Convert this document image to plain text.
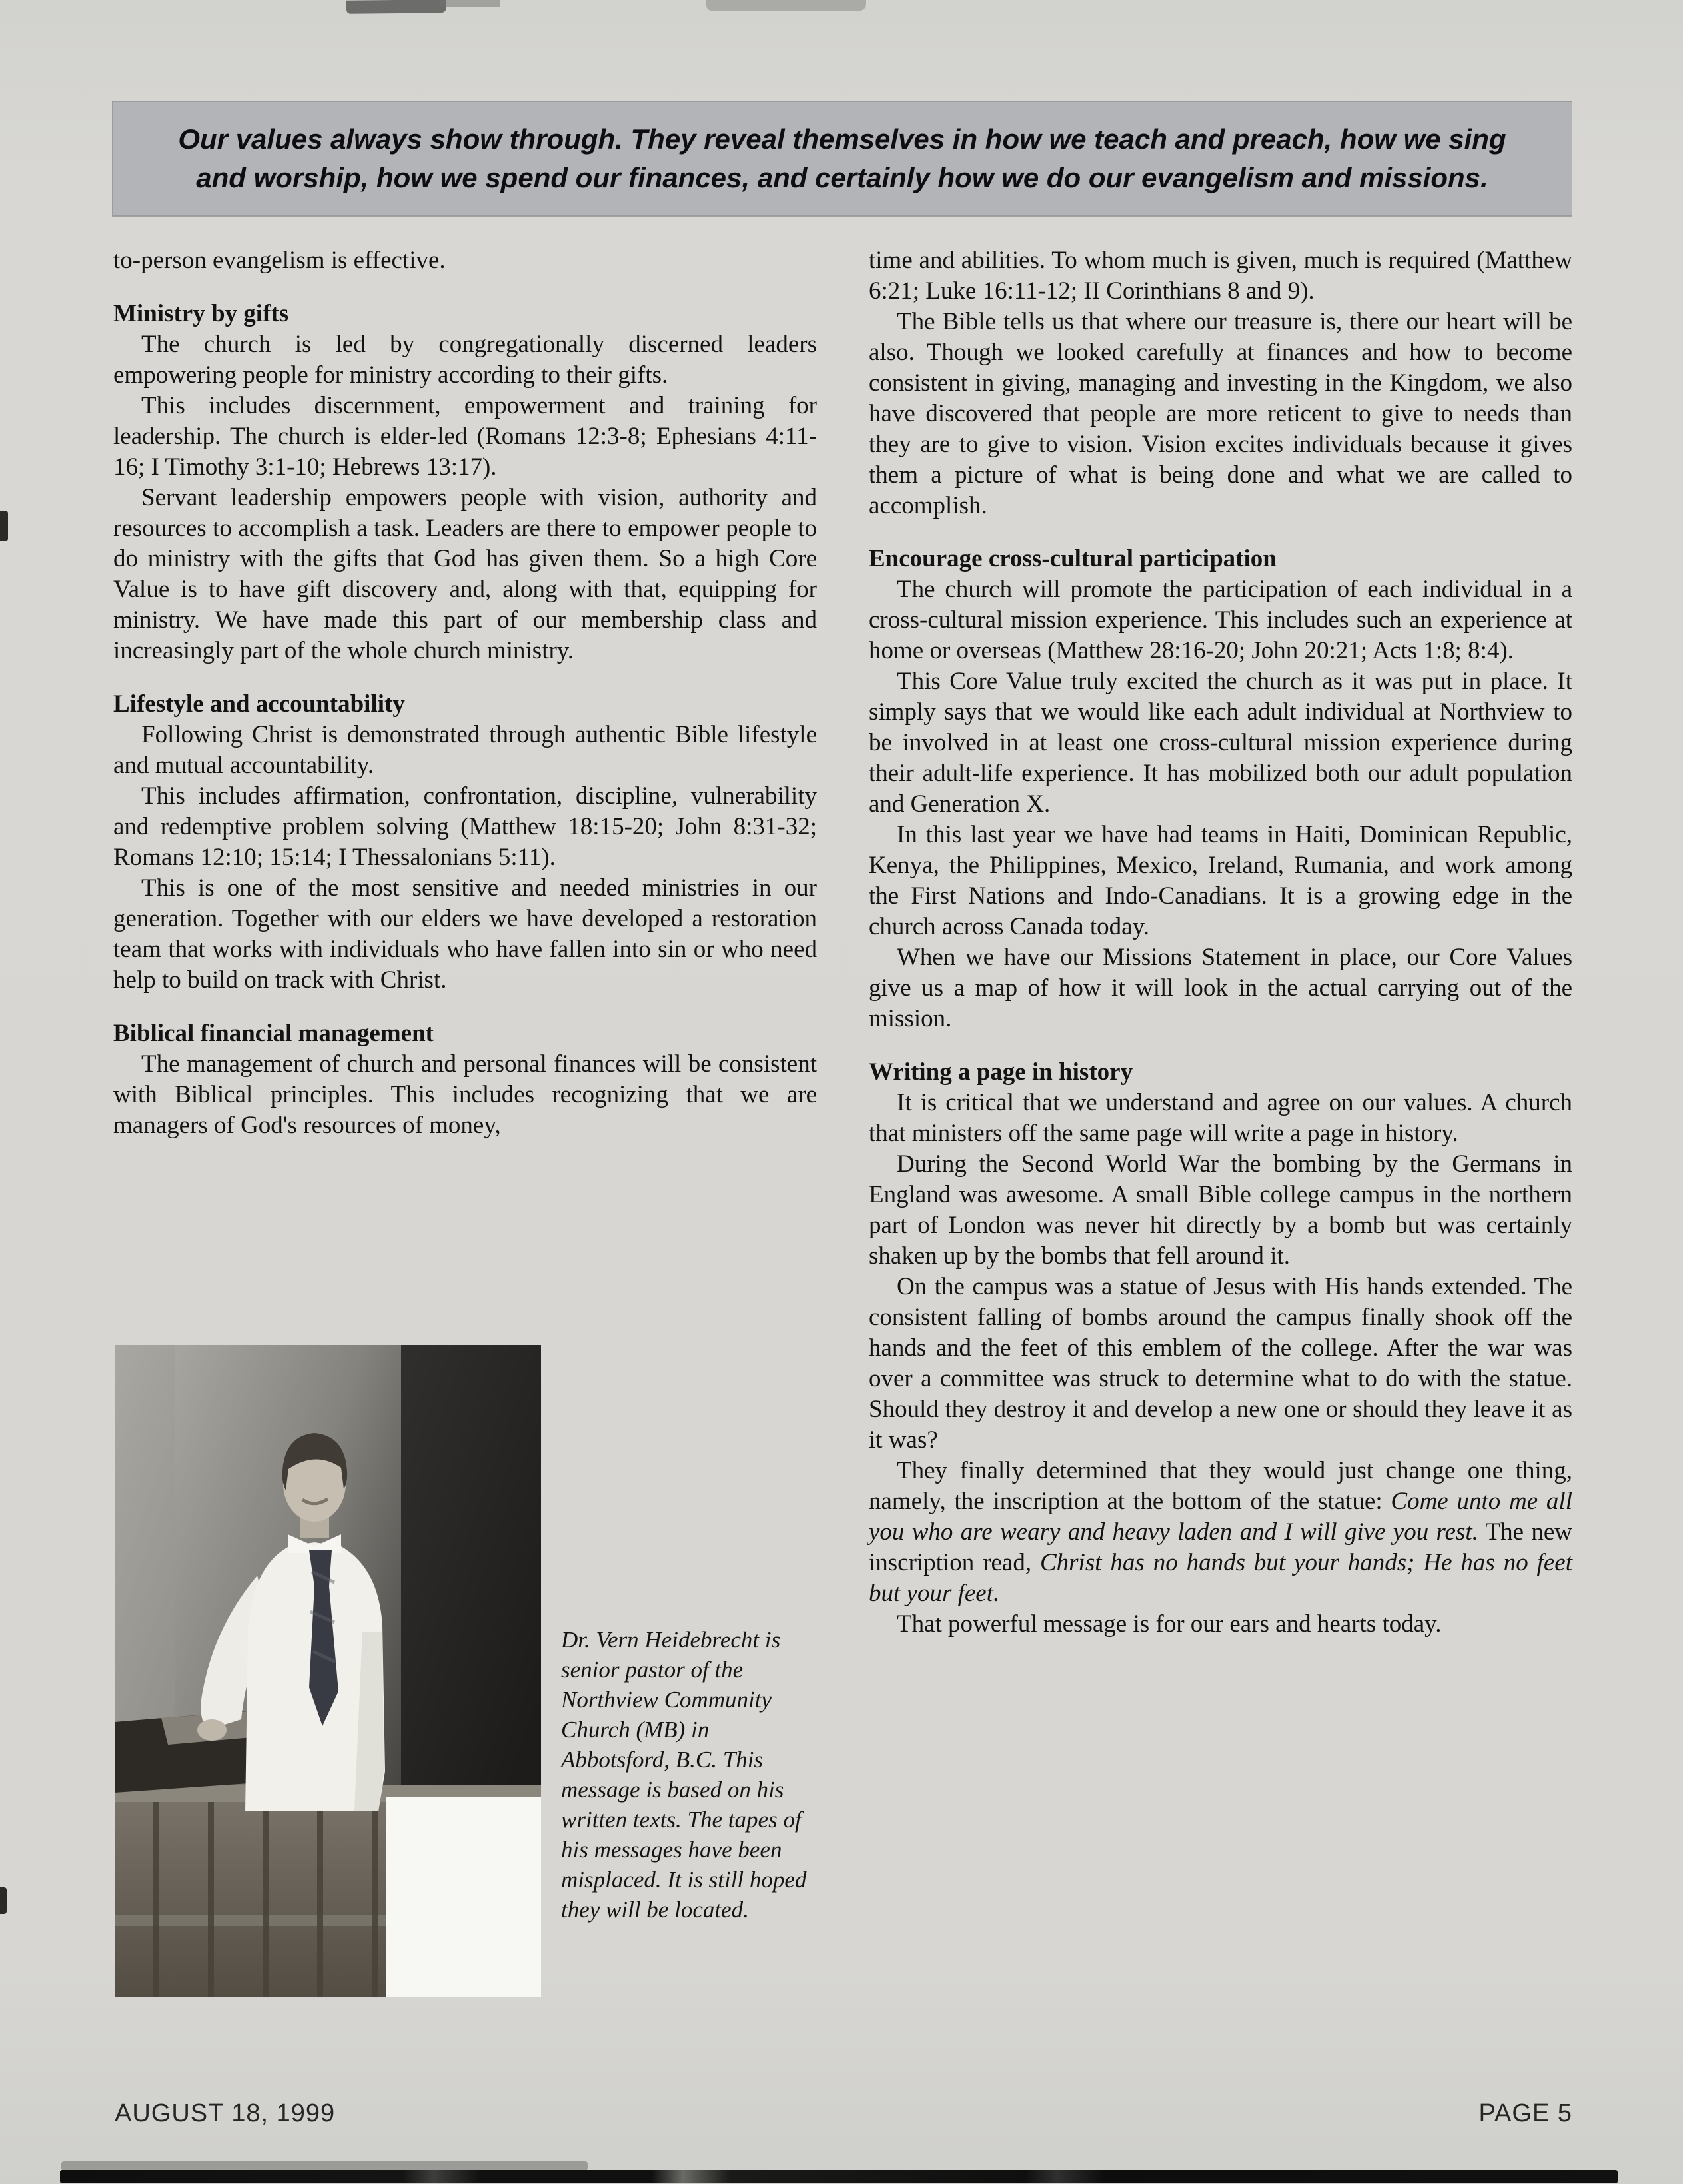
Our values always show through. They reveal themselves in how we teach and preach, how we sing
and worship, how we spend our finances, and certainly how we do our evangelism and missions.

to-person evangelism is effective.

Ministry by gifts

The church is led by congregationally discerned leaders empowering people for ministry according to their gifts.

This includes discernment, empowerment and training for leadership. The church is elder-led (Romans 12:3-8; Ephesians 4:11-16; I Timothy 3:1-10; Hebrews 13:17).

Servant leadership empowers people with vision, authority and resources to accomplish a task. Leaders are there to empower people to do ministry with the gifts that God has given them. So a high Core Value is to have gift discovery and, along with that, equipping for ministry. We have made this part of our membership class and increasingly part of the whole church ministry.

Lifestyle and accountability

Following Christ is demonstrated through authentic Bible lifestyle and mutual accountability.

This includes affirmation, confrontation, discipline, vulnerability and redemptive problem solving (Matthew 18:15-20; John 8:31-32; Romans 12:10; 15:14; I Thessalonians 5:11).

This is one of the most sensitive and needed ministries in our generation. Together with our elders we have developed a restoration team that works with individuals who have fallen into sin or who need help to build on track with Christ.

Biblical financial management

The management of church and personal finances will be consistent with Biblical principles. This includes recognizing that we are managers of God's resources of money,

time and abilities. To whom much is given, much is required (Matthew 6:21; Luke 16:11-12; II Corinthians 8 and 9).

The Bible tells us that where our treasure is, there our heart will be also. Though we looked carefully at finances and how to become consistent in giving, managing and investing in the Kingdom, we also have discovered that people are more reticent to give to needs than they are to give to vision. Vision excites individuals because it gives them a picture of what is being done and what we are called to accomplish.

Encourage cross-cultural participation

The church will promote the participation of each individual in a cross-cultural mission experience. This includes such an experience at home or overseas (Matthew 28:16-20; John 20:21; Acts 1:8; 8:4).

This Core Value truly excited the church as it was put in place. It simply says that we would like each adult individual at Northview to be involved in at least one cross-cultural mission experience during their adult-life experience. It has mobilized both our adult population and Generation X.

In this last year we have had teams in Haiti, Dominican Republic, Kenya, the Philippines, Mexico, Ireland, Rumania, and work among the First Nations and Indo-Canadians. It is a growing edge in the church across Canada today.

When we have our Missions Statement in place, our Core Values give us a map of how it will look in the actual carrying out of the mission.

Writing a page in history

It is critical that we understand and agree on our values. A church that ministers off the same page will write a page in history.

During the Second World War the bombing by the Germans in England was awesome. A small Bible college campus in the northern part of London was never hit directly by a bomb but was certainly shaken up by the bombs that fell around it.

On the campus was a statue of Jesus with His hands extended. The consistent falling of bombs around the campus finally shook off the hands and the feet of this emblem of the college. After the war was over a committee was struck to determine what to do with the statue. Should they destroy it and develop a new one or should they leave it as it was?

They finally determined that they would just change one thing, namely, the inscription at the bottom of the statue: Come unto me all you who are weary and heavy laden and I will give you rest. The new inscription read, Christ has no hands but your hands; He has no feet but your feet.

That powerful message is for our ears and hearts today.

Dr. Vern Heidebrecht is senior pastor of the Northview Community Church (MB) in Abbotsford, B.C. This message is based on his written texts. The tapes of his messages have been misplaced. It is still hoped they will be located.
AUGUST 18, 1999	PAGE 5
